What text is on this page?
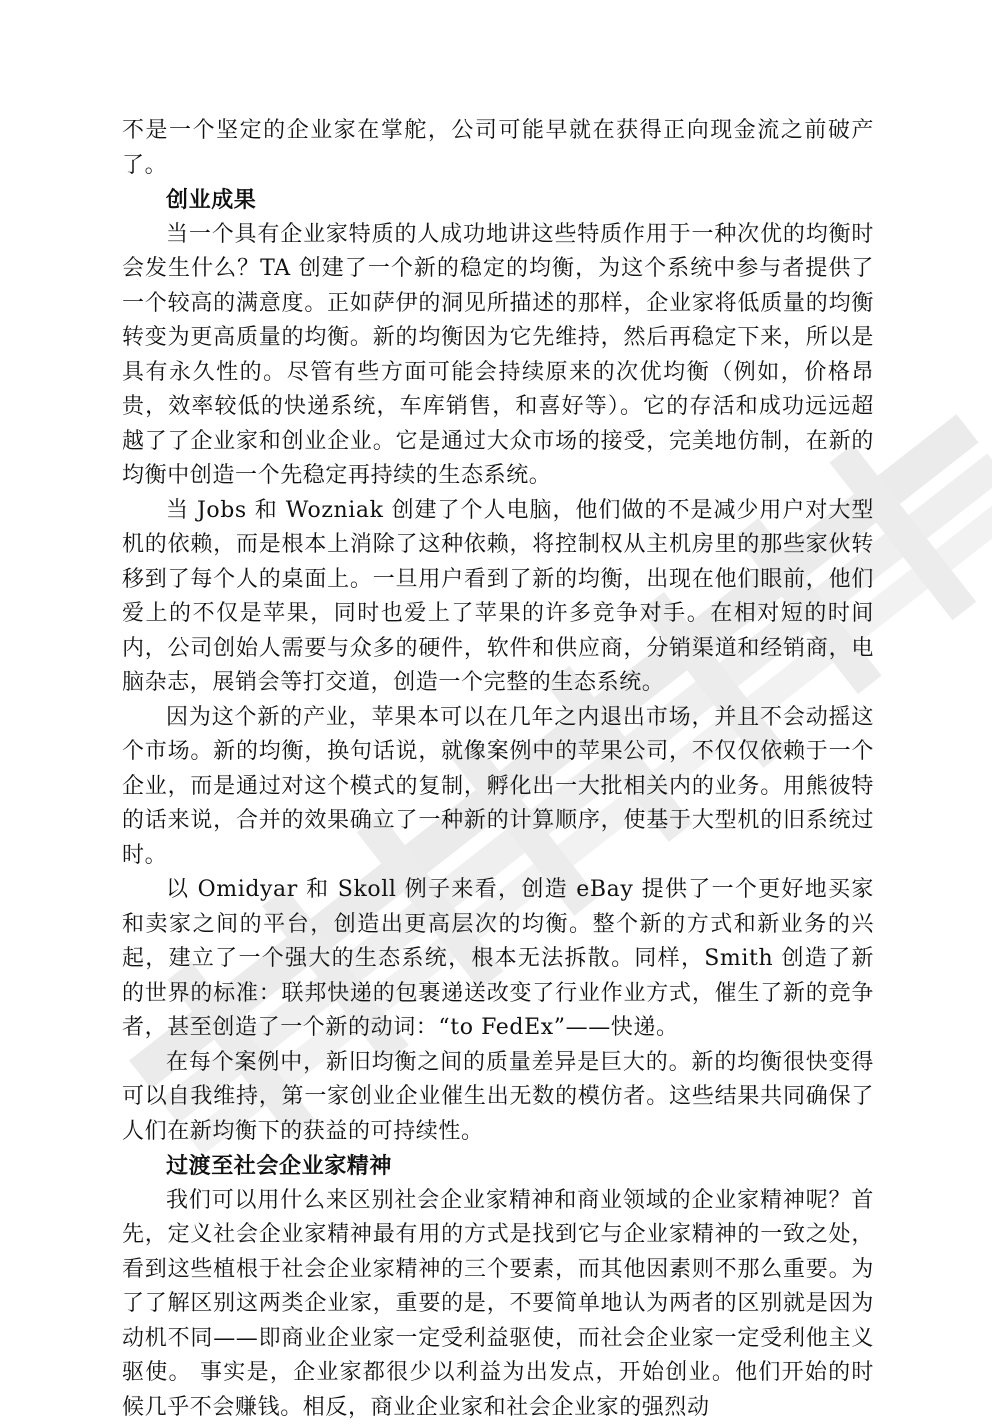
不是一个坚定的企业家在掌舵，公司可能早就在获得正向现金流之前破产了。

创业成果

当一个具有企业家特质的人成功地讲这些特质作用于一种次优的均衡时会发生什么？TA 创建了一个新的稳定的均衡，为这个系统中参与者提供了一个较高的满意度。正如萨伊的洞见所描述的那样，企业家将低质量的均衡转变为更高质量的均衡。新的均衡因为它先维持，然后再稳定下来，所以是具有永久性的。尽管有些方面可能会持续原来的次优均衡（例如，价格昂贵，效率较低的快递系统，车库销售，和喜好等）。它的存活和成功远远超越了了企业家和创业企业。它是通过大众市场的接受，完美地仿制，在新的均衡中创造一个先稳定再持续的生态系统。

当 Jobs 和 Wozniak 创建了个人电脑，他们做的不是减少用户对大型机的依赖，而是根本上消除了这种依赖，将控制权从主机房里的那些家伙转移到了每个人的桌面上。一旦用户看到了新的均衡，出现在他们眼前，他们爱上的不仅是苹果，同时也爱上了苹果的许多竞争对手。在相对短的时间内，公司创始人需要与众多的硬件，软件和供应商，分销渠道和经销商，电脑杂志，展销会等打交道，创造一个完整的生态系统。

因为这个新的产业，苹果本可以在几年之内退出市场，并且不会动摇这个市场。新的均衡，换句话说，就像案例中的苹果公司，不仅仅依赖于一个企业，而是通过对这个模式的复制，孵化出一大批相关内的业务。用熊彼特的话来说，合并的效果确立了一种新的计算顺序，使基于大型机的旧系统过时。

以 Omidyar 和 Skoll 例子来看，创造 eBay 提供了一个更好地买家和卖家之间的平台，创造出更高层次的均衡。整个新的方式和新业务的兴起，建立了一个强大的生态系统，根本无法拆散。同样，Smith 创造了新的世界的标准：联邦快递的包裹递送改变了行业作业方式，催生了新的竞争者，甚至创造了一个新的动词：“to FedEx”——快递。

在每个案例中，新旧均衡之间的质量差异是巨大的。新的均衡很快变得可以自我维持，第一家创业企业催生出无数的模仿者。这些结果共同确保了人们在新均衡下的获益的可持续性。

过渡至社会企业家精神

我们可以用什么来区别社会企业家精神和商业领域的企业家精神呢？首先，定义社会企业家精神最有用的方式是找到它与企业家精神的一致之处，看到这些植根于社会企业家精神的三个要素，而其他因素则不那么重要。为了了解区别这两类企业家，重要的是，不要简单地认为两者的区别就是因为动机不同——即商业企业家一定受利益驱使，而社会企业家一定受利他主义驱使。 事实是，企业家都很少以利益为出发点，开始创业。他们开始的时候几乎不会赚钱。相反，商业企业家和社会企业家的强烈动
